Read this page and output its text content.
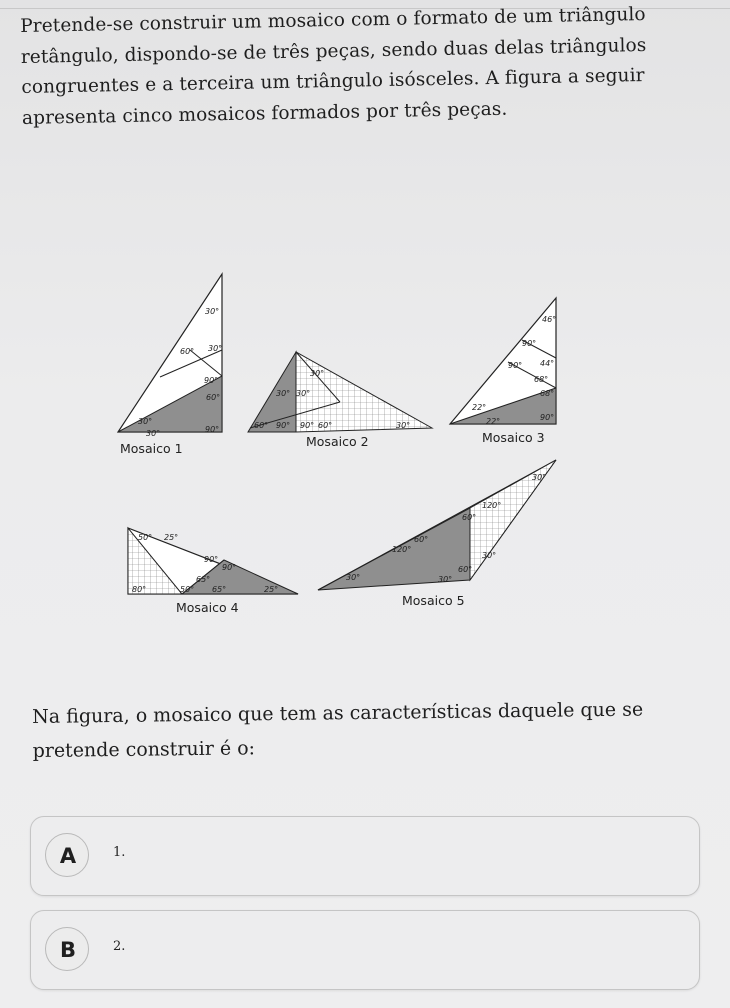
Pretende-se construir um mosaico com o formato de um triângulo retângulo, dispondo-se de três peças, sendo duas delas triângulos congruentes e a terceira um triângulo isósceles. A figura a seguir apresenta cinco mosaicos formados por três peças.
30°
60° 30°
90°
60°
30°
30°	90°
Mosaico 1
30°
30° 30°
60° 90° 90° 60°	30°
Mosaico 2
46°
90°
90° 44°
68°
68°
22°
22°	90°
Mosaico 3
50° 25°
90°
90°
65°
80°	50° 65°	25°
Mosaico 4
30°
120°
60°
60°
120°
30°
30°
60°
30°
Mosaico 5
Na figura, o mosaico que tem as características daquele que se pretende construir é o:
A	1.
B	2.
